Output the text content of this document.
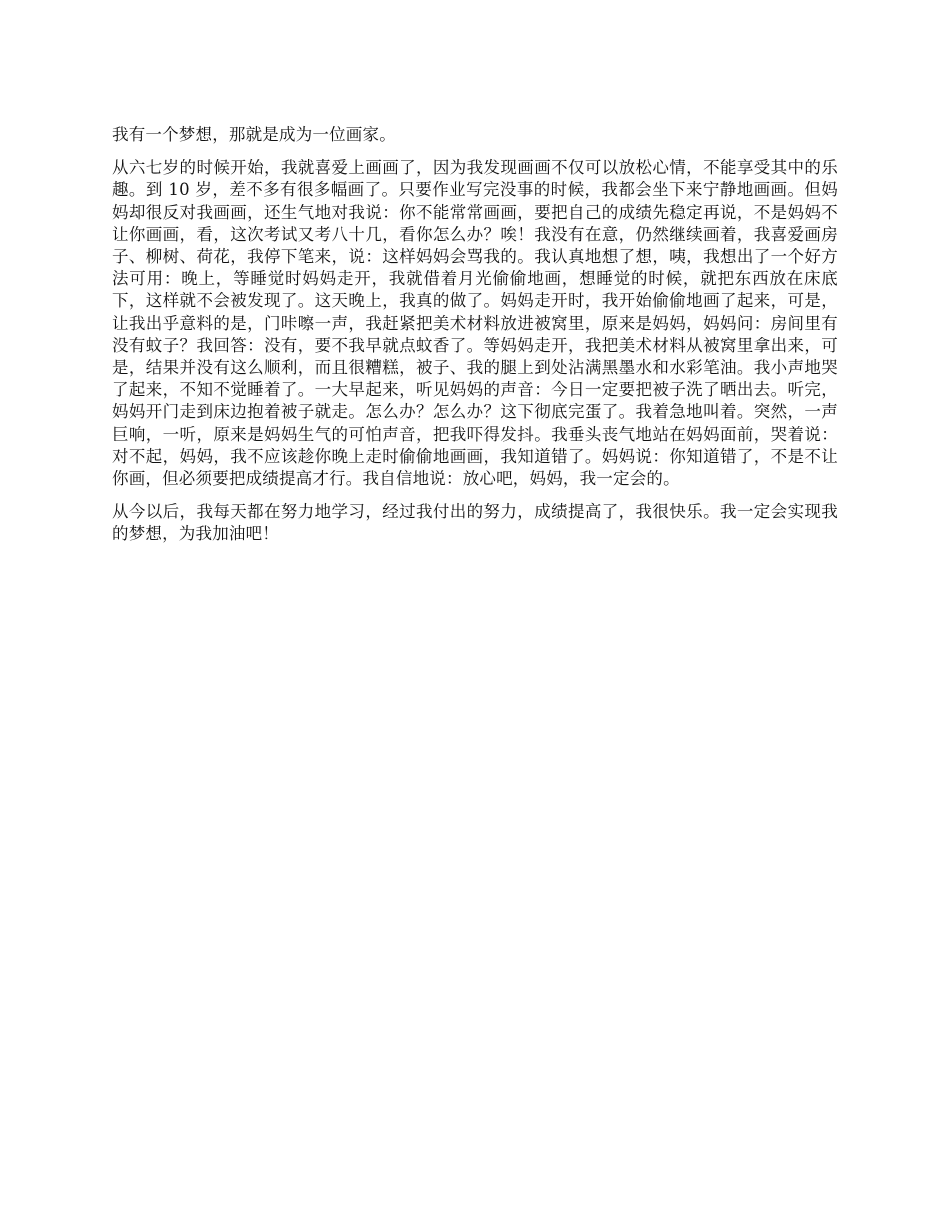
我有一个梦想，那就是成为一位画家。

从六七岁的时候开始，我就喜爱上画画了，因为我发现画画不仅可以放松心情，不能享受其中的乐趣。到 10 岁，差不多有很多幅画了。只要作业写完没事的时候，我都会坐下来宁静地画画。但妈妈却很反对我画画，还生气地对我说：你不能常常画画，要把自己的成绩先稳定再说，不是妈妈不让你画画，看，这次考试又考八十几，看你怎么办？唉！我没有在意，仍然继续画着，我喜爱画房子、柳树、荷花，我停下笔来，说：这样妈妈会骂我的。我认真地想了想，咦，我想出了一个好方法可用：晚上，等睡觉时妈妈走开，我就借着月光偷偷地画，想睡觉的时候，就把东西放在床底下，这样就不会被发现了。这天晚上，我真的做了。妈妈走开时，我开始偷偷地画了起来，可是，让我出乎意料的是，门咔嚓一声，我赶紧把美术材料放进被窝里，原来是妈妈，妈妈问：房间里有没有蚊子？我回答：没有，要不我早就点蚊香了。等妈妈走开，我把美术材料从被窝里拿出来，可是，结果并没有这么顺利，而且很糟糕，被子、我的腿上到处沾满黑墨水和水彩笔油。我小声地哭了起来，不知不觉睡着了。一大早起来，听见妈妈的声音：今日一定要把被子洗了晒出去。听完，妈妈开门走到床边抱着被子就走。怎么办？怎么办？这下彻底完蛋了。我着急地叫着。突然，一声巨响，一听，原来是妈妈生气的可怕声音，把我吓得发抖。我垂头丧气地站在妈妈面前，哭着说：对不起，妈妈，我不应该趁你晚上走时偷偷地画画，我知道错了。妈妈说：你知道错了，不是不让你画，但必须要把成绩提高才行。我自信地说：放心吧，妈妈，我一定会的。

从今以后，我每天都在努力地学习，经过我付出的努力，成绩提高了，我很快乐。我一定会实现我的梦想，为我加油吧！
